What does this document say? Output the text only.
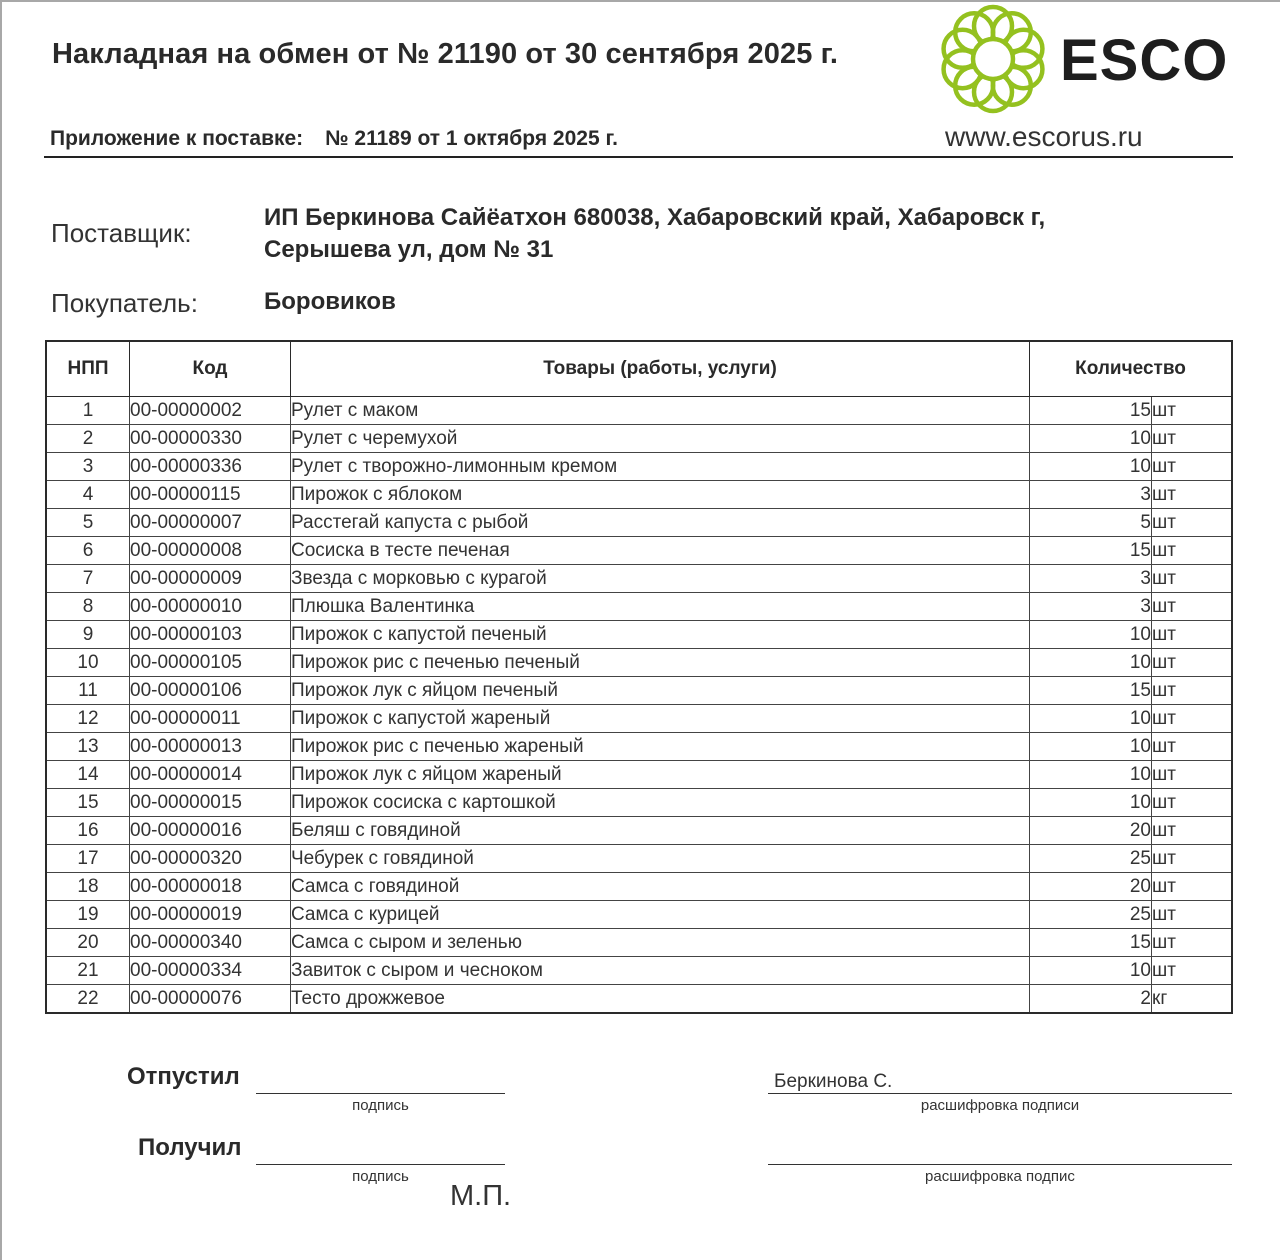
Накладная на обмен от № 21190 от 30 сентября 2025 г.
Приложение к поставке: № 21189 от 1 октября 2025 г.
ESCO
www.escorus.ru
Поставщик:
ИП Беркинова Сайёатхон 680038, Хабаровский край, Хабаровск г, Серышева ул, дом № 31
Покупатель:	Боровиков
НПП	Код	Товары (работы, услуги)	Количество	
1	00-00000002	Рулет с маком	15	шт
2	00-00000330	Рулет с черемухой	10	шт
3	00-00000336	Рулет с творожно-лимонным кремом	10	шт
4	00-00000115	Пирожок с яблоком	3	шт
5	00-00000007	Расстегай капуста с рыбой	5	шт
6	00-00000008	Сосиска в тесте печеная	15	шт
7	00-00000009	Звезда с морковью с курагой	3	шт
8	00-00000010	Плюшка Валентинка	3	шт
9	00-00000103	Пирожок с капустой печеный	10	шт
10	00-00000105	Пирожок рис с печенью печеный	10	шт
11	00-00000106	Пирожок лук с яйцом печеный	15	шт
12	00-00000011	Пирожок с капустой жареный	10	шт
13	00-00000013	Пирожок рис с печенью жареный	10	шт
14	00-00000014	Пирожок лук с яйцом жареный	10	шт
15	00-00000015	Пирожок сосиска с картошкой	10	шт
16	00-00000016	Беляш с говядиной	20	шт
17	00-00000320	Чебурек с говядиной	25	шт
18	00-00000018	Самса с говядиной	20	шт
19	00-00000019	Самса с курицей	25	шт
20	00-00000340	Самса с сыром и зеленью	15	шт
21	00-00000334	Завиток с сыром и чесноком	10	шт
22	00-00000076	Тесто дрожжевое	2	кг
Отпустил
подпись
Беркинова С.
расшифровка подписи
Получил
подпись	расшифровка подпис
М.П.
